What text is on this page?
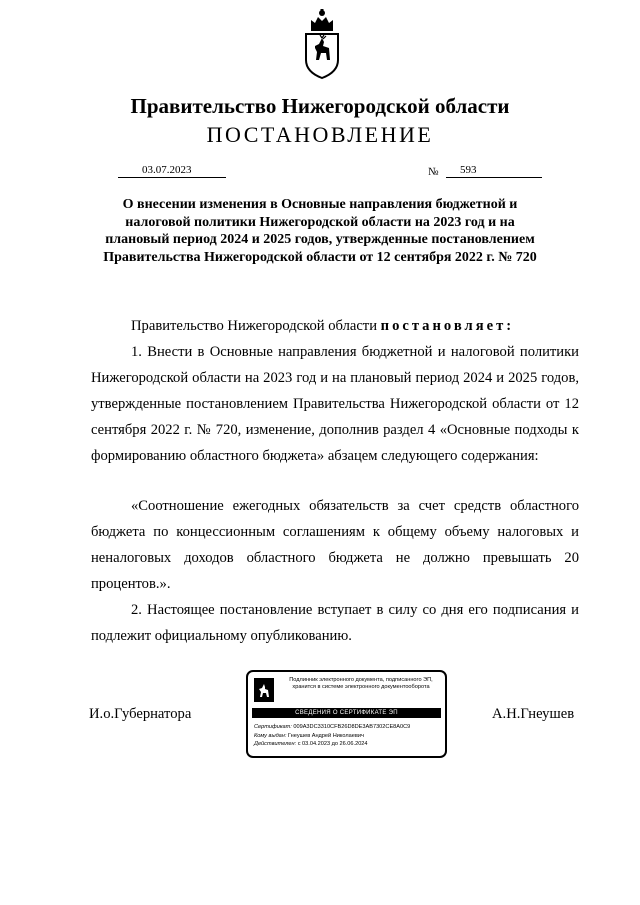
Правительство Нижегородской области
ПОСТАНОВЛЕНИЕ
03.07.2023	№	593
О внесении изменения в Основные направления бюджетной и налоговой политики Нижегородской области на 2023 год и на плановый период 2024 и 2025 годов, утвержденные постановлением Правительства Нижегородской области от 12 сентября 2022 г. № 720
Правительство Нижегородской области постановляет:

1. Внести в Основные направления бюджетной и налоговой политики Нижегородской области на 2023 год и на плановый период 2024 и 2025 годов, утвержденные постановлением Правительства Нижегородской области от 12 сентября 2022 г. № 720, изменение, дополнив раздел 4 «Основные подходы к формированию областного бюджета» абзацем следующего содержания:

«Соотношение ежегодных обязательств за счет средств областного бюджета по концессионным соглашениям к общему объему налоговых и неналоговых доходов областного бюджета не должно превышать 20 процентов.».

2. Настоящее постановление вступает в силу со дня его подписания и подлежит официальному опубликованию.

И.о.Губернатора	А.Н.Гнеушев
Подлинник электронного документа, подписанного ЭП, хранится в системе электронного документооборота
СВЕДЕНИЯ О СЕРТИФИКАТЕ ЭП
Сертификат: 009A3DC3310CFB26D8DE3AB7302CE8A0C9
Кому выдан: Гнеушев Андрей Николаевич
Действителен: с 03.04.2023 до 26.06.2024
